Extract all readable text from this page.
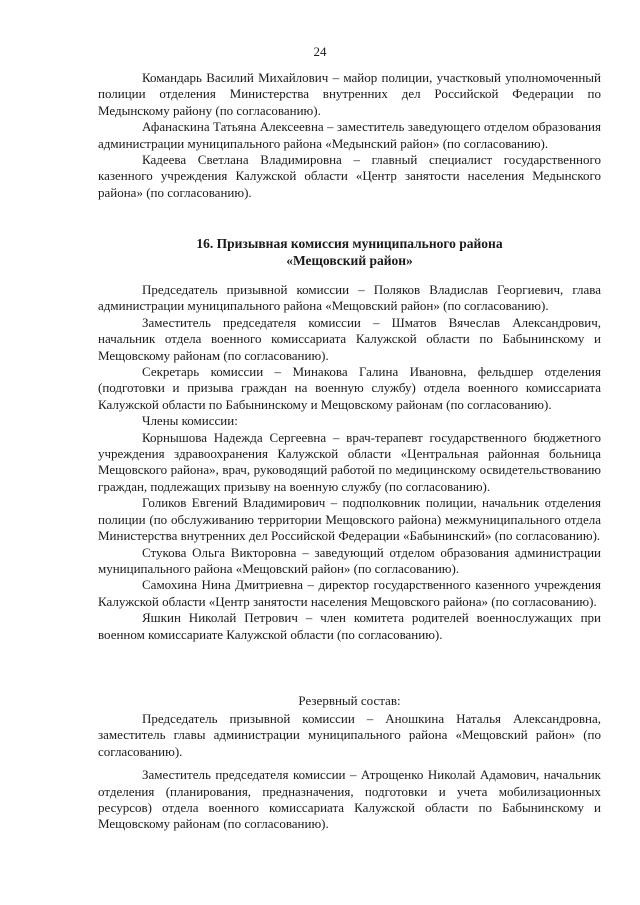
24

Командарь Василий Михайлович – майор полиции, участковый уполномоченный полиции отделения Министерства внутренних дел Российской Федерации по Медынскому району (по согласованию).

Афанаскина Татьяна Алексеевна – заместитель заведующего отделом образования администрации муниципального района «Медынский район» (по согласованию).

Кадеева Светлана Владимировна – главный специалист государственного казенного учреждения Калужской области «Центр занятости населения Медынского района» (по согласованию).

16. Призывная комиссия муниципального района
«Мещовский район»

Председатель призывной комиссии – Поляков Владислав Георгиевич, глава администрации муниципального района «Мещовский район» (по согласованию).

Заместитель председателя комиссии – Шматов Вячеслав Александрович, начальник отдела военного комиссариата Калужской области по Бабынинскому и Мещовскому районам (по согласованию).

Секретарь комиссии – Минакова Галина Ивановна, фельдшер отделения (подготовки и призыва граждан на военную службу) отдела военного комиссариата Калужской области по Бабынинскому и Мещовскому районам (по согласованию).

Члены комиссии:

Корнышова Надежда Сергеевна – врач-терапевт государственного бюджетного учреждения здравоохранения Калужской области «Центральная районная больница Мещовского района», врач, руководящий работой по медицинскому освидетельствованию граждан, подлежащих призыву на военную службу (по согласованию).

Голиков Евгений Владимирович – подполковник полиции, начальник отделения полиции (по обслуживанию территории Мещовского района) межмуниципального отдела Министерства внутренних дел Российской Федерации «Бабынинский» (по согласованию).

Стукова Ольга Викторовна – заведующий отделом образования администрации муниципального района «Мещовский район» (по согласованию).

Самохина Нина Дмитриевна – директор государственного казенного учреждения Калужской области «Центр занятости населения Мещовского района» (по согласованию).

Яшкин Николай Петрович – член комитета родителей военнослужащих при военном комиссариате Калужской области (по согласованию).

Резервный состав:

Председатель призывной комиссии – Аношкина Наталья Александровна, заместитель главы администрации муниципального района «Мещовский район» (по согласованию).

Заместитель председателя комиссии – Атрощенко Николай Адамович, начальник отделения (планирования, предназначения, подготовки и учета мобилизационных ресурсов) отдела военного комиссариата Калужской области по Бабынинскому и Мещовскому районам (по согласованию).
